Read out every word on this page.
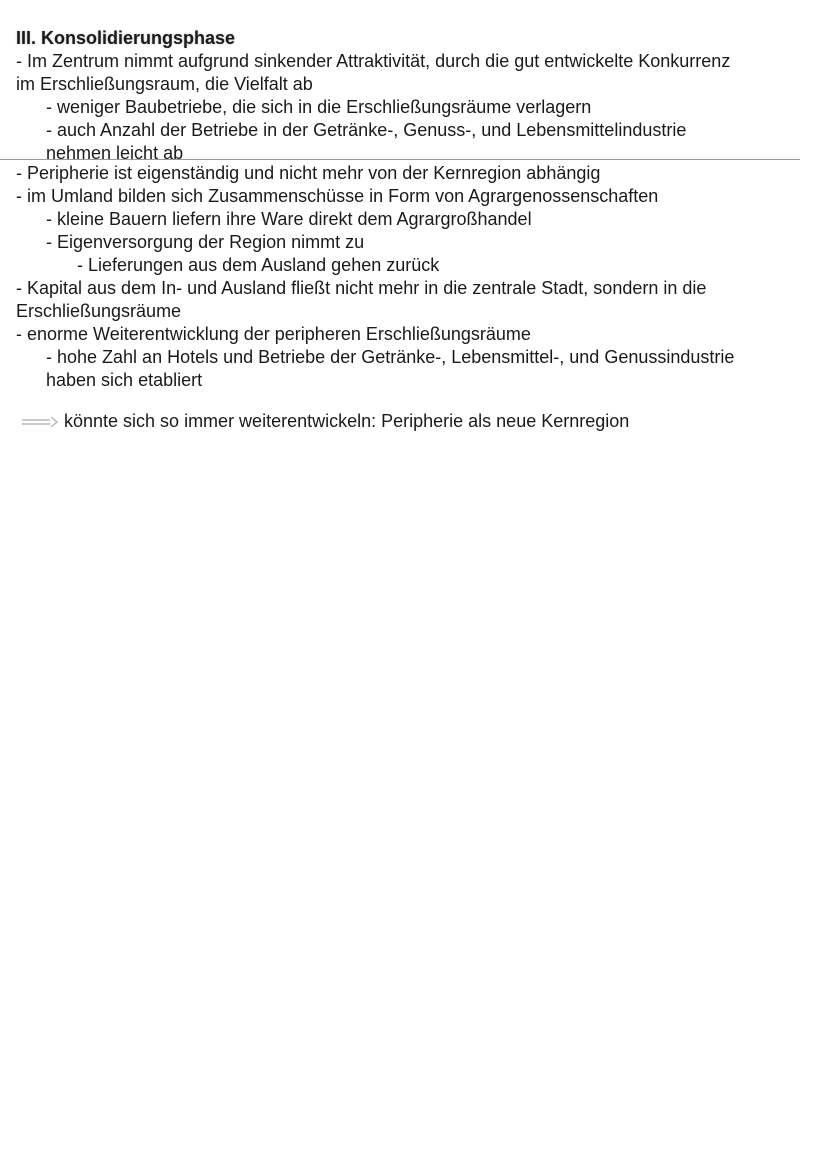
III. Konsolidierungsphase
- Im Zentrum nimmt aufgrund sinkender Attraktivität, durch die gut entwickelte Konkurrenz
im Erschließungsraum, die Vielfalt ab
- weniger Baubetriebe, die sich in die Erschließungsräume verlagern
- auch Anzahl der Betriebe in der Getränke-, Genuss-, und Lebensmittelindustrie
nehmen leicht ab
- Peripherie ist eigenständig und nicht mehr von der Kernregion abhängig
- im Umland bilden sich Zusammenschüsse in Form von Agrargenossenschaften
- kleine Bauern liefern ihre Ware direkt dem Agrargroßhandel
- Eigenversorgung der Region nimmt zu
- Lieferungen aus dem Ausland gehen zurück
- Kapital aus dem In- und Ausland fließt nicht mehr in die zentrale Stadt, sondern in die
Erschließungsräume
- enorme Weiterentwicklung der peripheren Erschließungsräume
- hohe Zahl an Hotels und Betriebe der Getränke-, Lebensmittel-, und Genussindustrie
haben sich etabliert
könnte sich so immer weiterentwickeln: Peripherie als neue Kernregion
